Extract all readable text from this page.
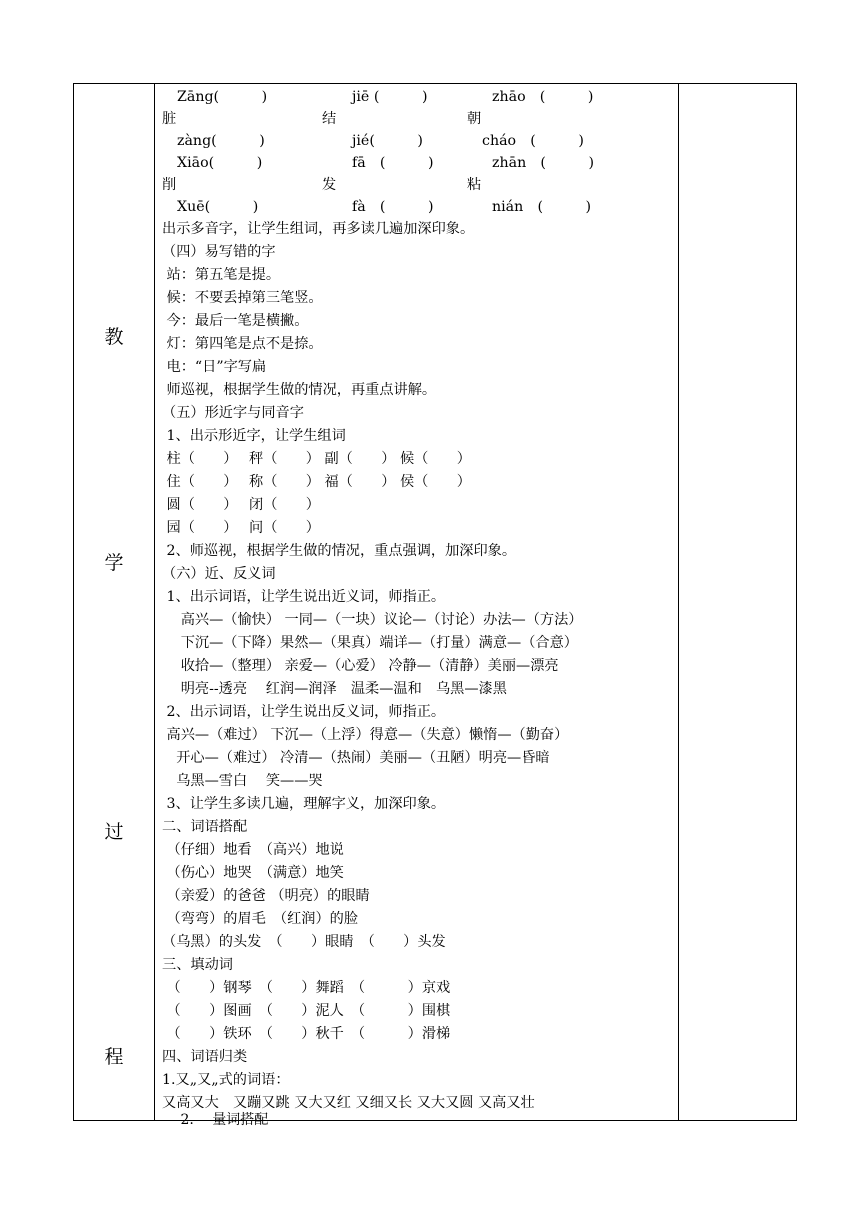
教
学
过
程
Zāng(　　　)	jiē (　　　)	zhāo　(　　　)
脏	结	朝
zàng(　　　)	jié(　　　)	cháo　(　　　)
Xiāo(　　　)	fā　(　　　)	zhān　(　　　)
削	发	粘
Xuē(　　　)	fà　(　　　)	nián　(　　　)
出示多音字，让学生组词，再多读几遍加深印象。
（四）易写错的字
站：第五笔是提。
候：不要丢掉第三笔竖。
今：最后一笔是横撇。
灯：第四笔是点不是捺。
电：“日”字写扁
师巡视，根据学生做的情况，再重点讲解。
（五）形近字与同音字
1、出示形近字，让学生组词
柱（　　）　 秤（　　） 副（　　） 候（　　）
住（　　）　 称（　　） 福（　　） 侯（　　）
圆（　　）　 闭（　　）
园（　　）　 问（　　）
2、师巡视，根据学生做的情况，重点强调，加深印象。
（六）近、反义词
1、出示词语，让学生说出近义词，师指正。
　 高兴—（愉快） 一同—（一块）议论—（讨论）办法—（方法）
　 下沉—（下降）果然—（果真）端详—（打量）满意—（合意）
　 收拾—（整理） 亲爱—（心爱） 冷静—（清静）美丽—漂亮
　 明亮--透亮　 红润—润泽　温柔—温和　乌黑—漆黑
2、出示词语，让学生说出反义词，师指正。
高兴—（难过） 下沉—（上浮）得意—（失意）懒惰—（勤奋）
　开心—（难过） 冷清—（热闹）美丽—（丑陋）明亮—昏暗
　乌黑—雪白　 笑——哭
3、让学生多读几遍，理解字义，加深印象。
二、词语搭配
（仔细）地看　（高兴）地说
（伤心）地哭　（满意）地笑
（亲爱）的爸爸 （明亮）的眼睛
（弯弯）的眉毛　（红润）的脸
（乌黑）的头发　（　　）眼睛　（　　）头发
三、填动词
（　　）钢琴　（　　）舞蹈　（　　　）京戏
（　　）图画　（　　）泥人　（　　　）围棋
（　　）铁环　（　　）秋千　（　　　）滑梯
四、词语归类
1.又„又„式的词语：
又高又大　又蹦又跳 又大又红 又细又长 又大又圆 又高又壮
　 2.　 量词搭配
